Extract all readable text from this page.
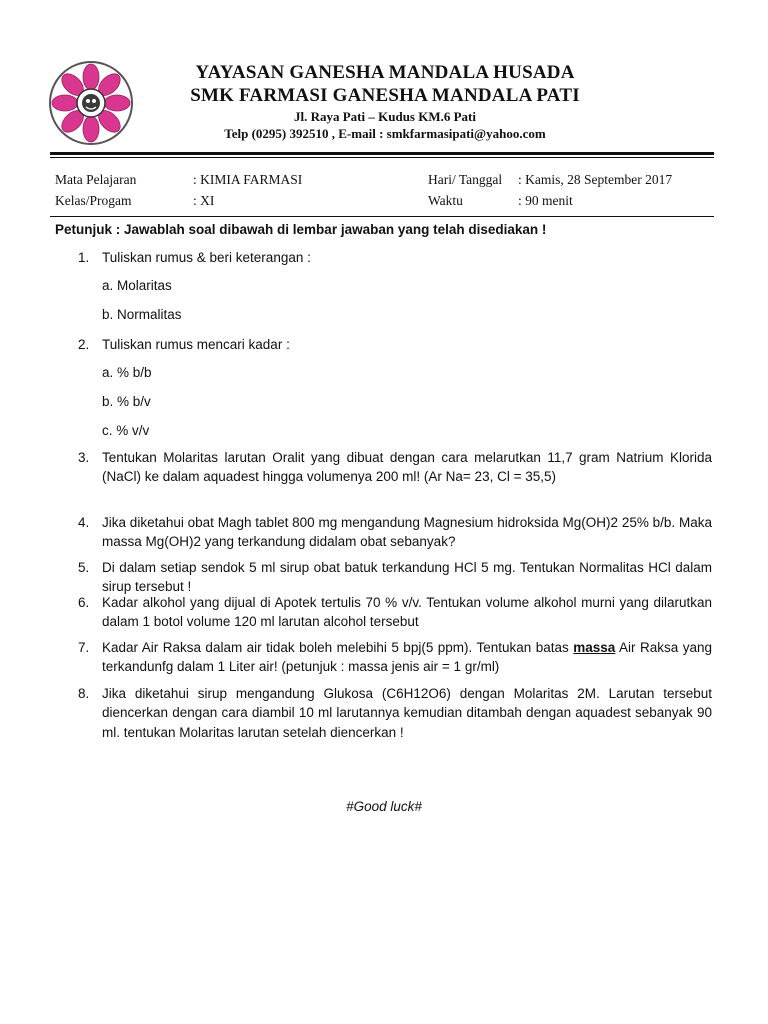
YAYASAN GANESHA MANDALA HUSADA
SMK FARMASI GANESHA MANDALA PATI
Jl. Raya Pati – Kudus KM.6 Pati
Telp (0295) 392510 , E-mail : smkfarmasipati@yahoo.com
Mata Pelajaran	: KIMIA FARMASI	Hari/ Tanggal : Kamis, 28 September 2017
Kelas/Progam	: XI	Waktu	: 90 menit
Petunjuk : Jawablah soal dibawah di lembar jawaban yang telah disediakan !
1. Tuliskan rumus & beri keterangan :
a. Molaritas
b. Normalitas
2. Tuliskan rumus mencari kadar :
a. % b/b
b. % b/v
c. % v/v
3. Tentukan Molaritas larutan Oralit yang dibuat dengan cara melarutkan 11,7 gram Natrium Klorida (NaCl) ke dalam aquadest hingga volumenya 200 ml! (Ar Na= 23, Cl = 35,5)
4. Jika diketahui obat Magh tablet 800 mg mengandung Magnesium hidroksida Mg(OH)2 25% b/b. Maka massa Mg(OH)2 yang terkandung didalam obat sebanyak?
5. Di dalam setiap sendok 5 ml sirup obat batuk terkandung HCl 5 mg. Tentukan Normalitas HCl dalam sirup tersebut !
6. Kadar alkohol yang dijual di Apotek tertulis 70 % v/v. Tentukan volume alkohol murni yang dilarutkan dalam 1 botol volume 120 ml larutan alcohol tersebut
7. Kadar Air Raksa dalam air tidak boleh melebihi 5 bpj(5 ppm). Tentukan batas massa Air Raksa yang terkandunfg dalam 1 Liter air! (petunjuk : massa jenis air = 1 gr/ml)
8. Jika diketahui sirup mengandung Glukosa (C6H12O6) dengan Molaritas 2M. Larutan tersebut diencerkan dengan cara diambil 10 ml larutannya kemudian ditambah dengan aquadest sebanyak 90 ml. tentukan Molaritas larutan setelah diencerkan !
#Good luck#
